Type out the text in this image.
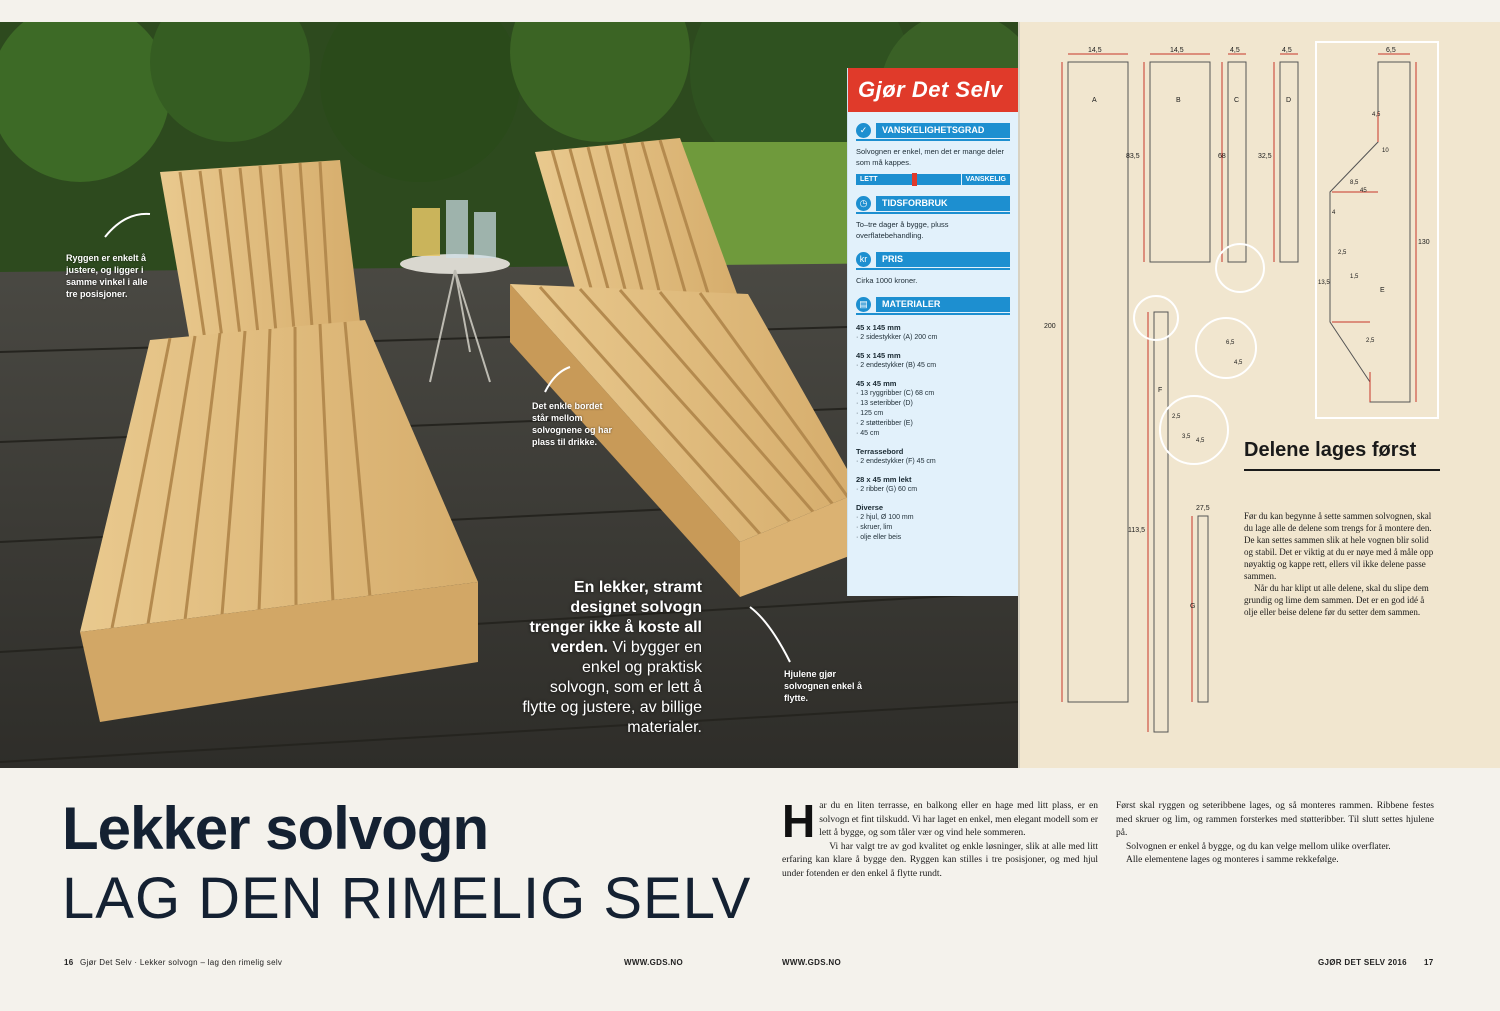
Ryggen er enkelt å justere, og ligger i samme vinkel i alle tre posisjoner.
Det enkle bordet står mellom solvognene og har plass til drikke.
Hjulene gjør solvognen enkel å flytte.
En lekker, stramt designet solvogn trenger ikke å koste all verden. Vi bygger en enkel og praktisk solvogn, som er lett å flytte og justere, av billige materialer.
Gjør Det Selv
✓	VANSKELIGHETSGRAD
Solvognen er enkel, men det er mange deler som må kappes.
LETT	VANSKELIG
◷	TIDSFORBRUK
To–tre dager å bygge, pluss overflatebehandling.
kr	PRIS
Cirka 1000 kroner.
▤	MATERIALER
45 x 145 mm
· 2 sidestykker (A) 200 cm
45 x 145 mm
· 2 endestykker (B) 45 cm
45 x 45 mm
· 13 ryggribber (C) 68 cm
· 13 seteribber (D)
· 125 cm
· 2 støtteribber (E)
· 45 cm
Terrassebord
· 2 endestykker (F) 45 cm
28 x 45 mm lekt
· 2 ribber (G) 60 cm
Diverse
· 2 hjul, Ø 100 mm
· skruer, lim
· olje eller beis
14,5
A
200
14,5
B
83,5
4,5
C
68
4,5
D
32,5
6,5
E
130
F
113,5
G
27,5
4,5
10
8,5
4
2,5
1,5
13,5
45
2,5
6,5
4,5
2,5
3,5
4,5 Delene lages først

Før du kan begynne å sette sammen solvognen, skal du lage alle de delene som trengs for å montere den. De kan settes sammen slik at hele vognen blir solid og stabil. Det er viktig at du er nøye med å måle opp nøyaktig og kappe rett, ellers vil ikke delene passe sammen.

Når du har klipt ut alle delene, skal du slipe dem grundig og lime dem sammen. Det er en god idé å olje eller beise delene før du setter dem sammen.

Lekker solvogn
LAG DEN RIMELIG SELV

Har du en liten terrasse, en balkong eller en hage med litt plass, er en solvogn et fint tilskudd. Vi har laget en enkel, men elegant modell som er lett å bygge, og som tåler vær og vind hele sommeren.

Vi har valgt tre av god kvalitet og enkle løsninger, slik at alle med litt erfaring kan klare å bygge den. Ryggen kan stilles i tre posisjoner, og med hjul under fotenden er den enkel å flytte rundt.

Først skal ryggen og seteribbene lages, og så monteres rammen. Ribbene festes med skruer og lim, og rammen forsterkes med støtteribber. Til slutt settes hjulene på.

Solvognen er enkel å bygge, og du kan velge mellom ulike overflater.

Alle elementene lages og monteres i samme rekkefølge.

16 Gjør Det Selv · Lekker solvogn – lag den rimelig selv	WWW.GDS.NO	WWW.GDS.NO	GJØR DET SELV 2016 17
